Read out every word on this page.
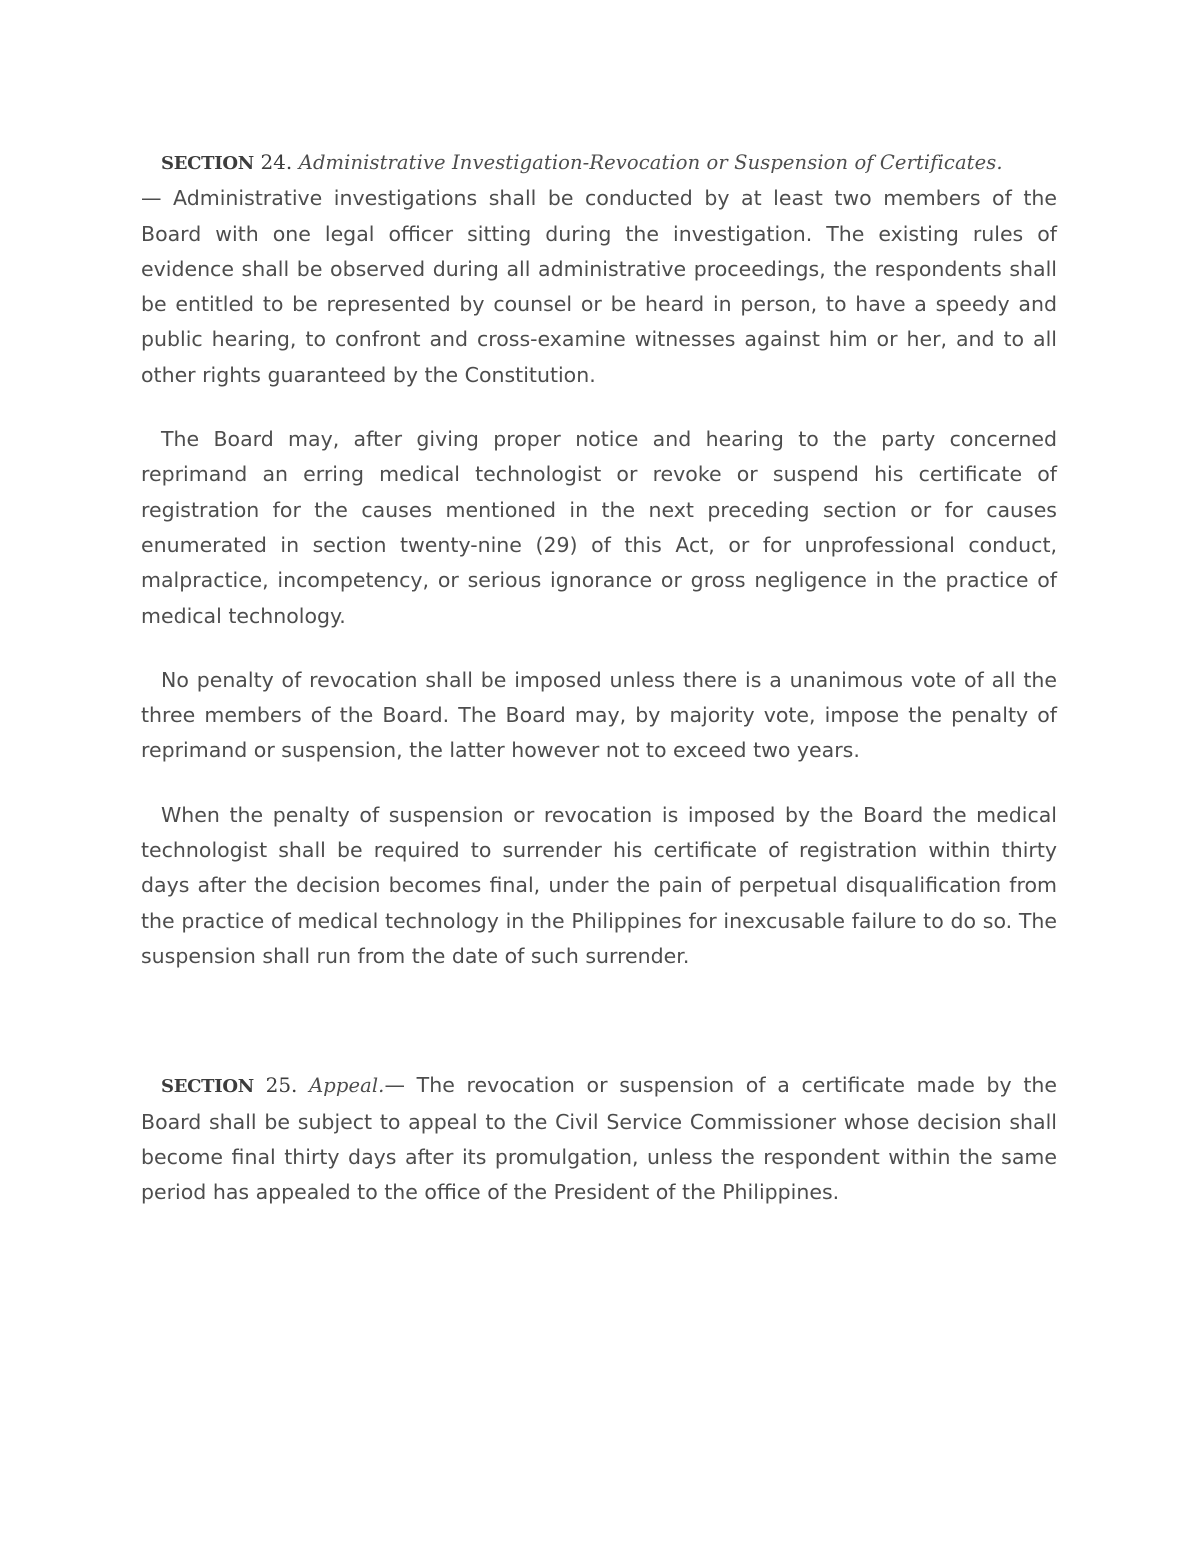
SECTION 24. Administrative Investigation-Revocation or Suspension of Certificates.
— Administrative investigations shall be conducted by at least two members of the Board with one legal officer sitting during the investigation. The existing rules of evidence shall be observed during all administrative proceedings, the respondents shall be entitled to be represented by counsel or be heard in person, to have a speedy and public hearing, to confront and cross-examine witnesses against him or her, and to all other rights guaranteed by the Constitution.

The Board may, after giving proper notice and hearing to the party concerned reprimand an erring medical technologist or revoke or suspend his certificate of registration for the causes mentioned in the next preceding section or for causes enumerated in section twenty-nine (29) of this Act, or for unprofessional conduct, malpractice, incompetency, or serious ignorance or gross negligence in the practice of medical technology.

No penalty of revocation shall be imposed unless there is a unanimous vote of all the three members of the Board. The Board may, by majority vote, impose the penalty of reprimand or suspension, the latter however not to exceed two years.

When the penalty of suspension or revocation is imposed by the Board the medical technologist shall be required to surrender his certificate of registration within thirty days after the decision becomes final, under the pain of perpetual disqualification from the practice of medical technology in the Philippines for inexcusable failure to do so. The suspension shall run from the date of such surrender.

SECTION 25. Appeal.— The revocation or suspension of a certificate made by the Board shall be subject to appeal to the Civil Service Commissioner whose decision shall become final thirty days after its promulgation, unless the respondent within the same period has appealed to the office of the President of the Philippines.
